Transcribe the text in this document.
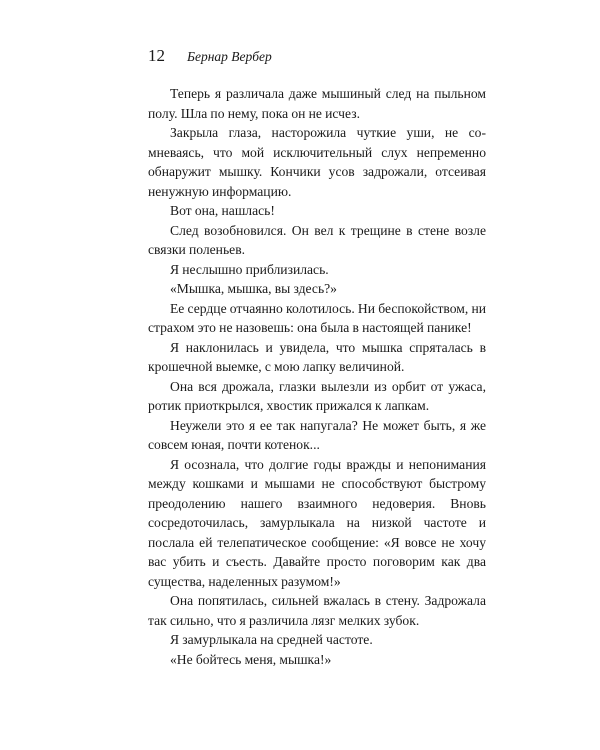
12 Бернар Вербер

Теперь я различала даже мышиный след на пыльном полу. Шла по нему, пока он не исчез.

Закрыла глаза, насторожила чуткие уши, не сомневаясь, что мой исключительный слух непременно обнаружит мышку. Кончики усов задрожали, отсеивая ненужную информацию.

Вот она, нашлась!

След возобновился. Он вел к трещине в стене возле связки поленьев.

Я неслышно приблизилась.

«Мышка, мышка, вы здесь?»

Ее сердце отчаянно колотилось. Ни беспокойством, ни страхом это не назовешь: она была в настоящей панике!

Я наклонилась и увидела, что мышка спряталась в крошечной выемке, с мою лапку величиной.

Она вся дрожала, глазки вылезли из орбит от ужаса, ротик приоткрылся, хвостик прижался к лапкам.

Неужели это я ее так напугала? Не может быть, я же совсем юная, почти котенок...

Я осознала, что долгие годы вражды и непонимания между кошками и мышами не способствуют быстрому преодолению нашего взаимного недоверия. Вновь сосредоточилась, замурлыкала на низкой частоте и послала ей телепатическое сообщение: «Я вовсе не хочу вас убить и съесть. Давайте просто поговорим как два существа, наделенных разумом!»

Она попятилась, сильней вжалась в стену. Задрожала так сильно, что я различила лязг мелких зубок.

Я замурлыкала на средней частоте.

«Не бойтесь меня, мышка!»
